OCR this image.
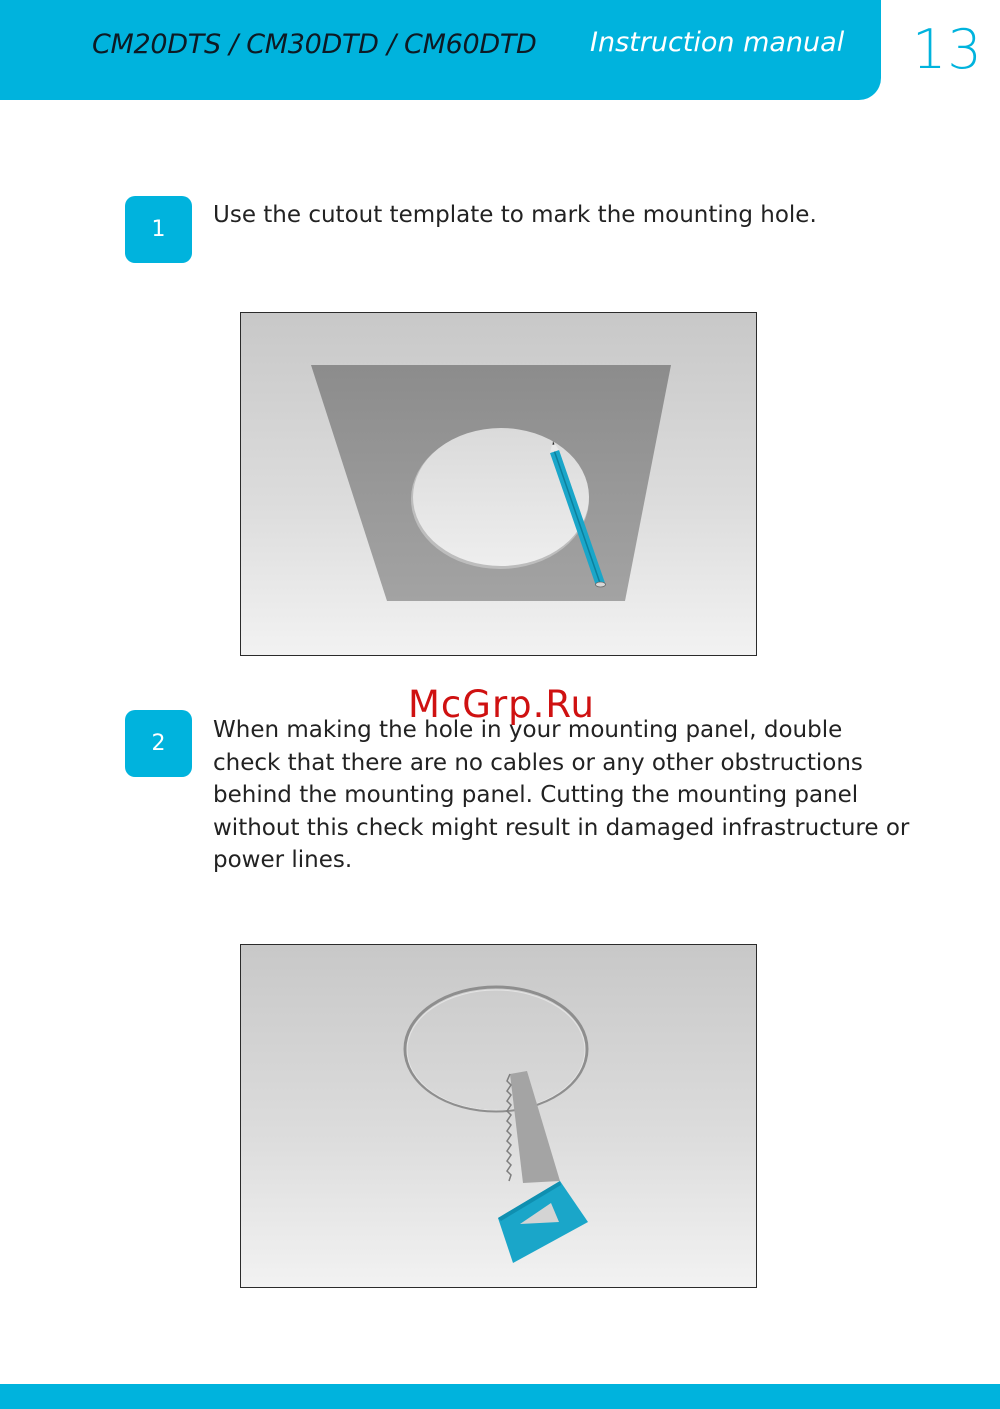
CM20DTS / CM30DTD / CM60DTD Instruction manual 13
1
Use the cutout template to mark the mounting hole.
McGrp.Ru
2
When making the hole in your mounting panel, double check that there are no cables or any other obstructions behind the mounting panel. Cutting the mounting panel without this check might result in damaged infrastructure or power lines.
